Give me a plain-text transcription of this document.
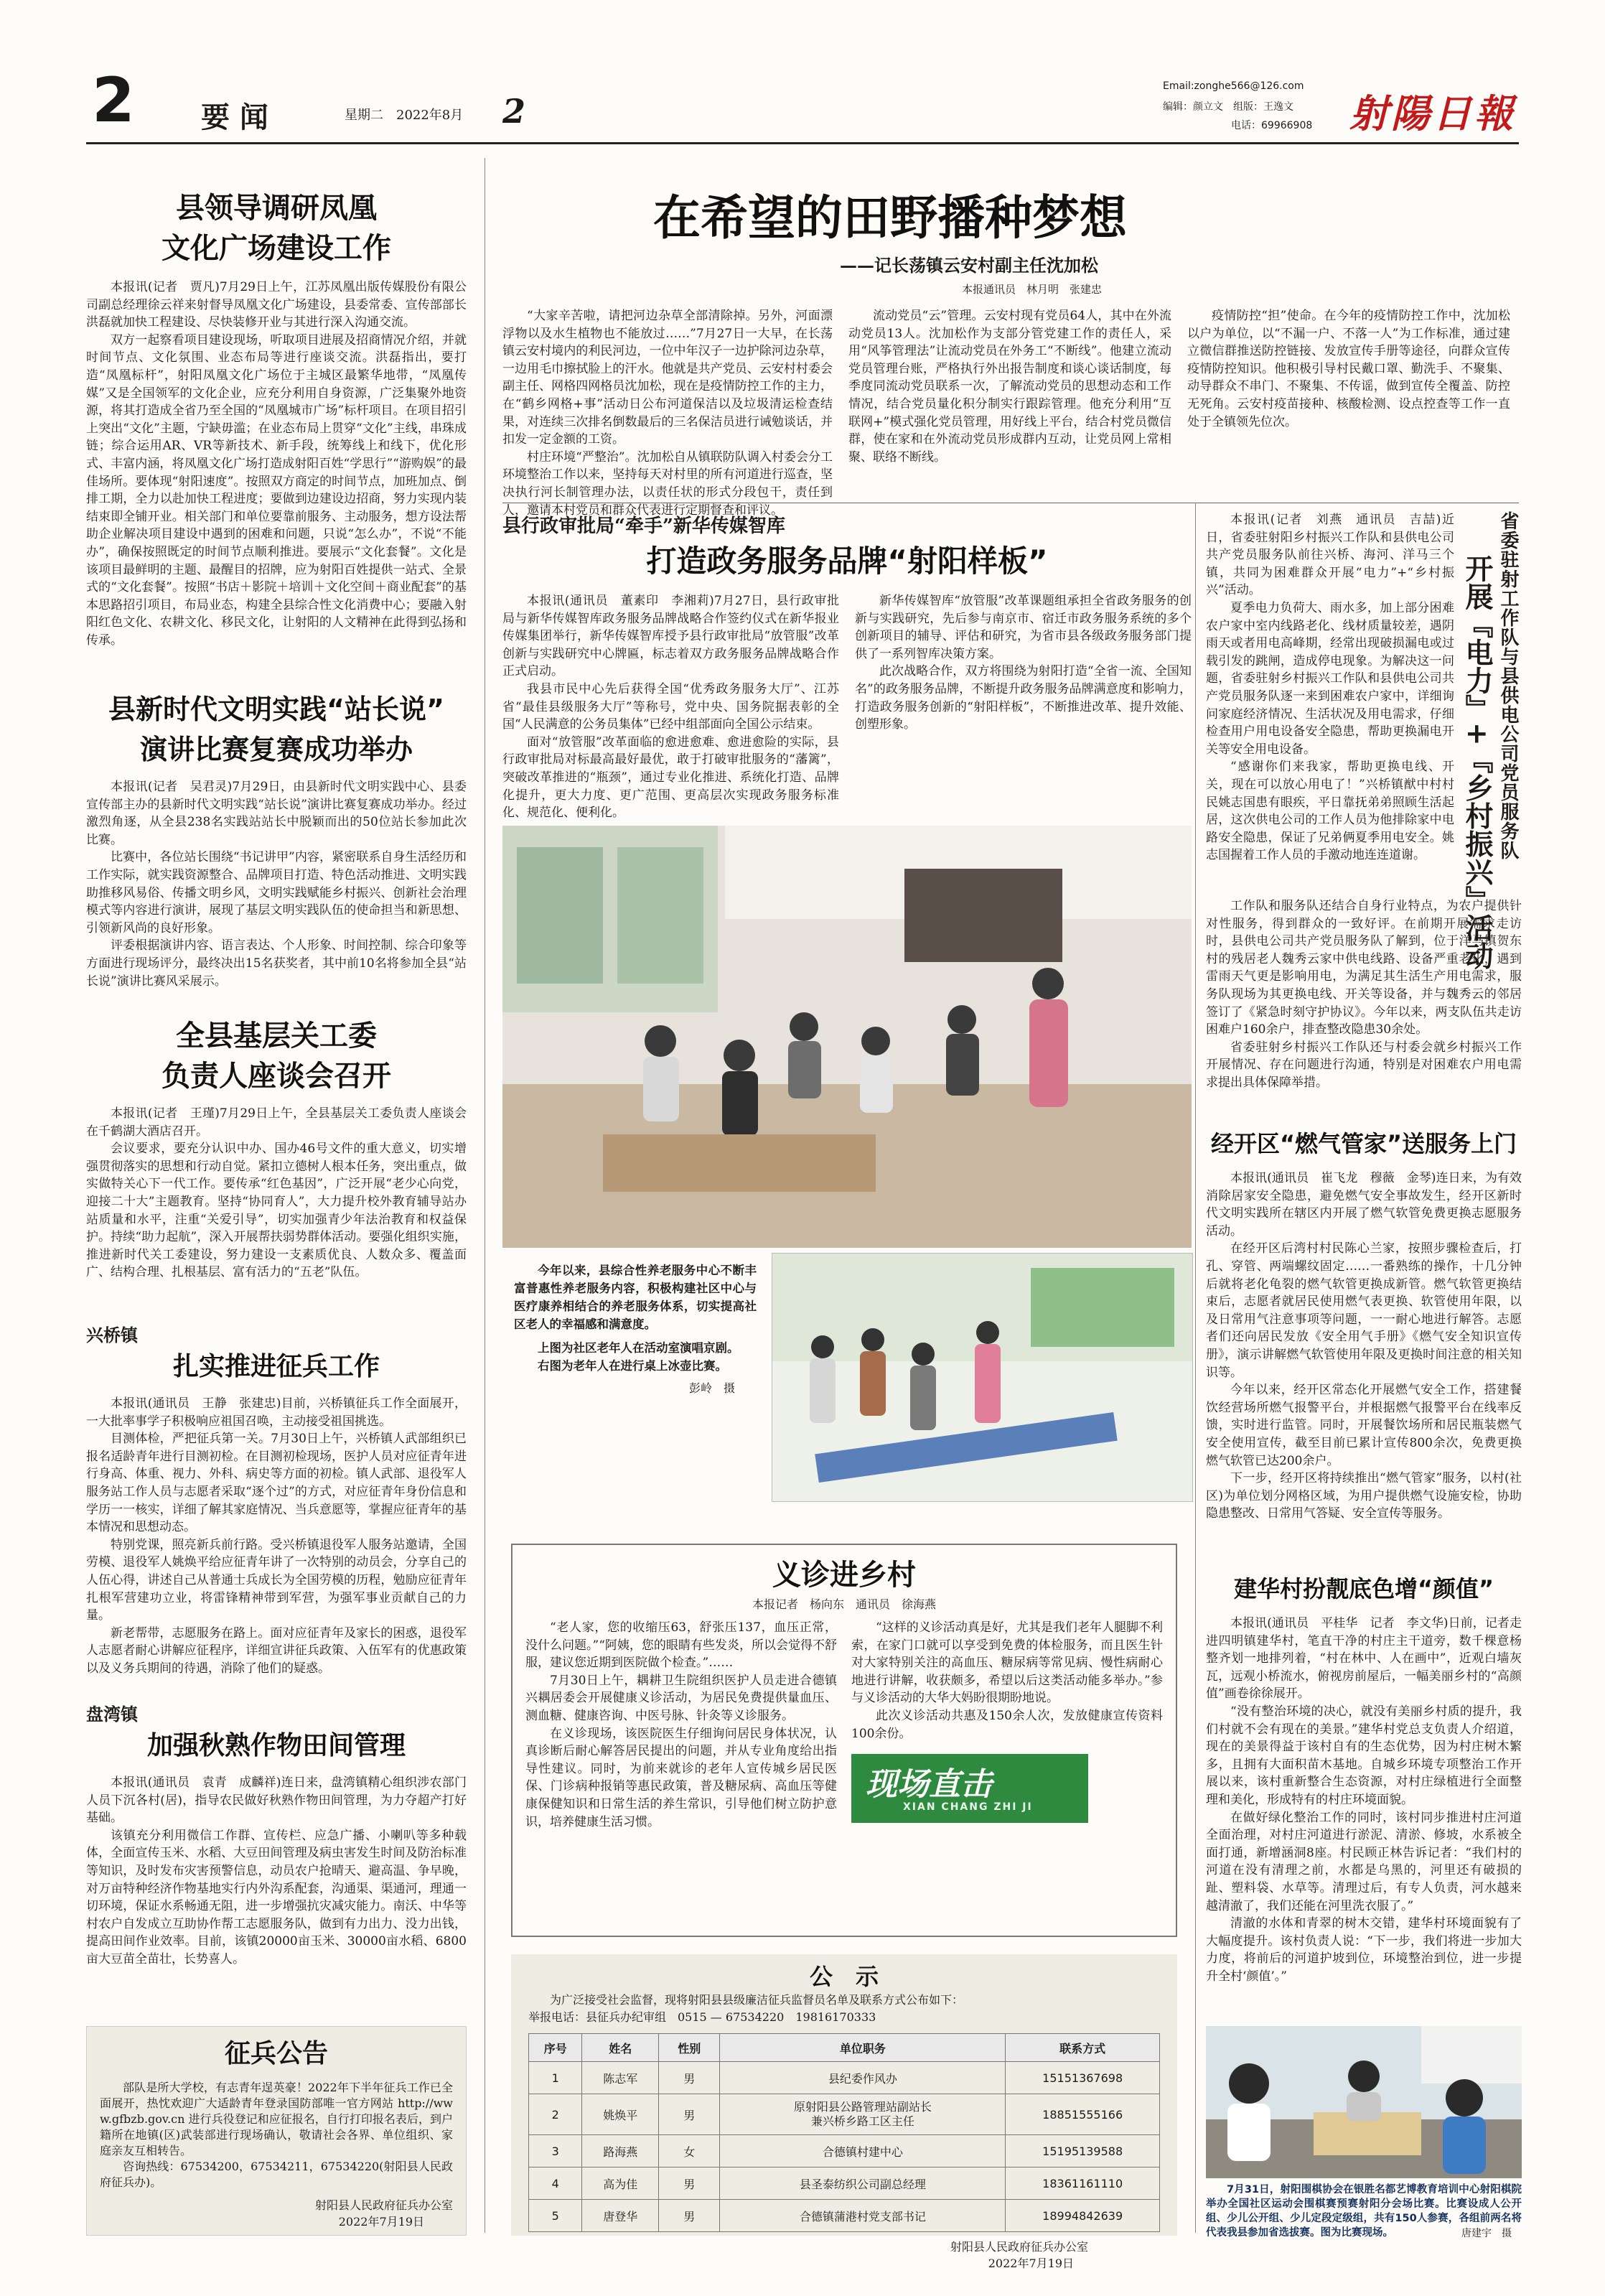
2 要 闻	星期二　2022年8月 2
Email:zonghe566@126.com
编辑：颜立文　组版：王逸文
电话：69966908 射陽日報
县领导调研凤凰
文化广场建设工作

本报讯(记者　贾凡)7月29日上午，江苏凤凰出版传媒股份有限公司副总经理徐云祥来射督导凤凰文化广场建设，县委常委、宣传部部长洪磊就加快工程建设、尽快装修开业与其进行深入沟通交流。

双方一起察看项目建设现场，听取项目进展及招商情况介绍，并就时间节点、文化氛围、业态布局等进行座谈交流。洪磊指出，要打造“凤凰标杆”，射阳凤凰文化广场位于主城区最繁华地带，“凤凰传媒”又是全国领军的文化企业，应充分利用自身资源，广泛集聚外地资源，将其打造成全省乃至全国的“凤凰城市广场”标杆项目。在项目招引上突出“文化”主题，宁缺毋滥；在业态布局上贯穿“文化”主线，串珠成链；综合运用AR、VR等新技术、新手段，统筹线上和线下，优化形式、丰富内涵，将凤凰文化广场打造成射阳百姓“学思行”“游购娱”的最佳场所。要体现“射阳速度”。按照双方商定的时间节点，加班加点、倒排工期，全力以赴加快工程进度；要做到边建设边招商，努力实现内装结束即全铺开业。相关部门和单位要靠前服务、主动服务，想方设法帮助企业解决项目建设中遇到的困难和问题，只说“怎么办”，不说“不能办”，确保按照既定的时间节点顺利推进。要展示“文化套餐”。文化是该项目最鲜明的主题、最醒目的招牌，应为射阳百姓提供一站式、全景式的“文化套餐”。按照“书店＋影院＋培训＋文化空间＋商业配套”的基本思路招引项目，布局业态，构建全县综合性文化消费中心；要融入射阳红色文化、农耕文化、移民文化，让射阳的人文精神在此得到弘扬和传承。

县新时代文明实践“站长说”
演讲比赛复赛成功举办

本报讯(记者　吴君灵)7月29日，由县新时代文明实践中心、县委宣传部主办的县新时代文明实践“站长说”演讲比赛复赛成功举办。经过激烈角逐，从全县238名实践站站长中脱颖而出的50位站长参加此次比赛。

比赛中，各位站长围绕“书记讲甲”内容，紧密联系自身生活经历和工作实际，就实践资源整合、品牌项目打造、特色活动推进、文明实践助推移风易俗、传播文明乡风，文明实践赋能乡村振兴、创新社会治理模式等内容进行演讲，展现了基层文明实践队伍的使命担当和新思想、引领新风尚的良好形象。

评委根据演讲内容、语言表达、个人形象、时间控制、综合印象等方面进行现场评分，最终决出15名获奖者，其中前10名将参加全县“站长说”演讲比赛风采展示。

全县基层关工委
负责人座谈会召开

本报讯(记者　王瑾)7月29日上午，全县基层关工委负责人座谈会在千鹤湖大酒店召开。

会议要求，要充分认识中办、国办46号文件的重大意义，切实增强贯彻落实的思想和行动自觉。紧扣立德树人根本任务，突出重点，做实做特关心下一代工作。要传承“红色基因”，广泛开展“老少心向党，迎接二十大”主题教育。坚持“协同育人”，大力提升校外教育辅导站办站质量和水平，注重“关爱引导”，切实加强青少年法治教育和权益保护。持续“助力起航”，深入开展帮扶弱势群体活动。要强化组织实施，推进新时代关工委建设，努力建设一支素质优良、人数众多、覆盖面广、结构合理、扎根基层、富有活力的“五老”队伍。

兴桥镇
扎实推进征兵工作

本报讯(通讯员　王静　张建忠)目前，兴桥镇征兵工作全面展开，一大批率事学子积极响应祖国召唤，主动接受祖国挑选。

目测体检，严把征兵第一关。7月30日上午，兴桥镇人武部组织已报名适龄青年进行目测初检。在目测初检现场，医护人员对应征青年进行身高、体重、视力、外科、病史等方面的初检。镇人武部、退役军人服务站工作人员与志愿者采取“逐个过”的方式，对应征青年身份信息和学历一一核实，详细了解其家庭情况、当兵意愿等，掌握应征青年的基本情况和思想动态。

特别党课，照亮新兵前行路。受兴桥镇退役军人服务站邀请，全国劳模、退役军人姚焕平给应征青年讲了一次特别的动员会，分享自己的人伍心得，讲述自己从普通士兵成长为全国劳模的历程，勉励应征青年扎根军营建功立业，将雷锋精神带到军营，为强军事业贡献自己的力量。

新老帮带，志愿服务在路上。面对应征青年及家长的困惑，退役军人志愿者耐心讲解应征程序，详细宣讲征兵政策、入伍军有的优惠政策以及义务兵期间的待遇，消除了他们的疑惑。

盘湾镇
加强秋熟作物田间管理

本报讯(通讯员　袁青　成麟祥)连日来，盘湾镇精心组织涉农部门人员下沉各村(居)，指导农民做好秋熟作物田间管理，为力夺超产打好基础。

该镇充分利用微信工作群、宣传栏、应急广播、小喇叭等多种载体，全面宣传玉米、水稻、大豆田间管理及病虫害发生时间及防治标准等知识，及时发布灾害预警信息，动员农户抢晴天、避高温、争早晚，对万亩特种经济作物基地实行内外沟系配套，沟通渠、渠通河，理通一切环境，保证水系畅通无阻，进一步增强抗灾减灾能力。南沃、中华等村农户自发成立互助协作帮工志愿服务队，做到有力出力、没力出钱，提高田间作业效率。目前，该镇20000亩玉米、30000亩水稻、6800亩大豆苗全苗壮，长势喜人。

征兵公告

部队是所大学校，有志青年逞英豪！2022年下半年征兵工作已全面展开，热忱欢迎广大适龄青年登录国防部唯一官方网站 http://www.gfbzb.gov.cn 进行兵役登记和应征报名，自行打印报名表后，到户籍所在地镇(区)武装部进行现场确认，敬请社会各界、单位组织、家庭亲友互相转告。

咨询热线：67534200，67534211，67534220(射阳县人民政府征兵办)。

射阳县人民政府征兵办公室
2022年7月19日
在希望的田野播种梦想
——记长荡镇云安村副主任沈加松
本报通讯员　林月明　张建忠

“大家辛苦啦，请把河边杂草全部清除掉。另外，河面漂浮物以及水生植物也不能放过……”7月27日一大早，在长荡镇云安村境内的利民河边，一位中年汉子一边护除河边杂草，一边用毛巾擦拭脸上的汗水。他就是共产党员、云安村村委会副主任、网格四网格员沈加松，现在是疫情防控工作的主力，在“鹤乡网格+事”活动日公布河道保洁以及垃圾清运检查结果，对连续三次排名倒数最后的三名保洁员进行诫勉谈话，并扣发一定金额的工资。

村庄环境“严整治”。沈加松自从镇联防队调入村委会分工环境整治工作以来，坚持每天对村里的所有河道进行巡查，坚决执行河长制管理办法，以责任状的形式分段包干，责任到人，邀请本村党员和群众代表进行定期督查和评议。

流动党员“云”管理。云安村现有党员64人，其中在外流动党员13人。沈加松作为支部分管党建工作的责任人，采用“风筝管理法”让流动党员在外务工“不断线”。他建立流动党员管理台账，严格执行外出报告制度和谈心谈话制度，每季度同流动党员联系一次，了解流动党员的思想动态和工作情况，结合党员量化积分制实行跟踪管理。他充分利用“互联网+”模式强化党员管理，用好线上平台，结合村党员微信群，使在家和在外流动党员形成群内互动，让党员网上常相聚、联络不断线。

疫情防控“担”使命。在今年的疫情防控工作中，沈加松以户为单位，以“不漏一户、不落一人”为工作标准，通过建立微信群推送防控链接、发放宣传手册等途径，向群众宣传疫情防控知识。他积极引导村民戴口罩、勤洗手、不聚集、动导群众不串门、不聚集、不传谣，做到宣传全覆盖、防控无死角。云安村疫苗接种、核酸检测、设点控查等工作一直处于全镇领先位次。

县行政审批局“牵手”新华传媒智库
打造政务服务品牌“射阳样板”

本报讯(通讯员　董素印　李湘莉)7月27日，县行政审批局与新华传媒智库政务服务品牌战略合作签约仪式在新华报业传媒集团举行，新华传媒智库授予县行政审批局“放管服”改革创新与实践研究中心牌匾，标志着双方政务服务品牌战略合作正式启动。

我县市民中心先后获得全国“优秀政务服务大厅”、江苏省“最佳县级服务大厅”等称号，党中央、国务院据表彰的全国“人民满意的公务员集体”已经中组部面向全国公示结束。

面对“放管服”改革面临的愈进愈难、愈进愈险的实际，县行政审批局对标最高最好最优，敢于打破审批服务的“藩篱”，突破改革推进的“瓶颈”，通过专业化推进、系统化打造、品牌化提升，更大力度、更广范围、更高层次实现政务服务标准化、规范化、便利化。

新华传媒智库“放管服”改革课题组承担全省政务服务的创新与实践研究，先后参与南京市、宿迁市政务服务系统的多个创新项目的辅导、评估和研究，为省市县各级政务服务部门提供了一系列智库决策方案。

此次战略合作，双方将围绕为射阳打造“全省一流、全国知名”的政务服务品牌，不断提升政务服务品牌满意度和影响力，打造政务服务创新的“射阳样板”，不断推进改革、提升效能、创塑形象。

今年以来，县综合性养老服务中心不断丰富普惠性养老服务内容，积极构建社区中心与医疗康养相结合的养老服务体系，切实提高社区老人的幸福感和满意度。

上图为社区老年人在活动室演唱京剧。

右图为老年人在进行桌上冰壶比赛。

彭岭　摄
义诊进乡村
本报记者　杨向东　通讯员　徐海燕

“老人家，您的收缩压63，舒张压137，血压正常，没什么问题。”“阿姨，您的眼睛有些发炎，所以会觉得不舒服，建议您近期到医院做个检查。”……

7月30日上午，耦耕卫生院组织医护人员走进合德镇兴耦居委会开展健康义诊活动，为居民免费提供量血压、测血糖、健康咨询、中医号脉、针灸等义诊服务。

在义诊现场，该医院医生仔细询问居民身体状况，认真诊断后耐心解答居民提出的问题，并从专业角度给出指导性建议。同时，为前来就诊的老年人宣传城乡居民医保、门诊病种报销等惠民政策，普及糖尿病、高血压等健康保健知识和日常生活的养生常识，引导他们树立防护意识，培养健康生活习惯。

“这样的义诊活动真是好，尤其是我们老年人腿脚不利索，在家门口就可以享受到免费的体检服务，而且医生针对大家特别关注的高血压、糖尿病等常见病、慢性病耐心地进行讲解，收获颇多，希望以后这类活动能多举办。”参与义诊活动的大华大妈盼很期盼地说。

此次义诊活动共惠及150余人次，发放健康宣传资料100余份。

现场直击
XIAN CHANG ZHI JI
公　示
为广泛接受社会监督，现将射阳县县级廉洁征兵监督员名单及联系方式公布如下：
举报电话：县征兵办纪审组　0515 — 67534220　19816170333
序号	姓名	性别	单位职务	联系方式
1	陈志军	男	县纪委作风办	15151367698
2	姚焕平	男	原射阳县公路管理站副站长
兼兴桥乡路工区主任	18851555166
3	路海燕	女	合德镇村建中心	15195139588
4	高为佳	男	县圣泰纺织公司副总经理	18361161110
5	唐登华	男	合德镇蒲港村党支部书记	18994842639
射阳县人民政府征兵办公室
2022年7月19日
省委驻射工作队与县供电公司党员服务队
开展『电力』+『乡村振兴』活动

本报讯(记者　刘燕　通讯员　吉喆)近日，省委驻射阳乡村振兴工作队和县供电公司共产党员服务队前往兴桥、海河、洋马三个镇，共同为困难群众开展“电力”+“乡村振兴”活动。

夏季电力负荷大、雨水多，加上部分困难农户家中室内线路老化、线材质量较差，遇阴雨天或者用电高峰期，经常出现破损漏电或过载引发的跳闸，造成停电现象。为解决这一问题，省委驻射乡村振兴工作队和县供电公司共产党员服务队逐一来到困难农户家中，详细询问家庭经济情况、生活状况及用电需求，仔细检查用户用电设备安全隐患，帮助更换漏电开关等安全用电设备。

“感谢你们来我家，帮助更换电线、开关，现在可以放心用电了！”兴桥镇猷中村村民姚志国患有眼疾，平日靠抚弟弟照顾生活起居，这次供电公司的工作人员为他排除家中电路安全隐患，保证了兄弟俩夏季用电安全。姚志国握着工作人员的手激动地连连道谢。

工作队和服务队还结合自身行业特点，为农户提供针对性服务，得到群众的一致好评。在前期开展需求走访时，县供电公司共产党员服务队了解到，位于洋马镇贺东村的残居老人魏秀云家中供电线路、设备严重老化，遇到雷雨天气更是影响用电，为满足其生活生产用电需求，服务队现场为其更换电线、开关等设备，并与魏秀云的邻居签订了《紧急时刻守护协议》。今年以来，两支队伍共走访困难户160余户，排查整改隐患30余处。

省委驻射乡村振兴工作队还与村委会就乡村振兴工作开展情况、存在问题进行沟通，特别是对困难农户用电需求提出具体保障举措。

经开区“燃气管家”送服务上门

本报讯(通讯员　崔飞龙　穆薇　金琴)连日来，为有效消除居家安全隐患，避免燃气安全事故发生，经开区新时代文明实践所在辖区内开展了燃气软管免费更换志愿服务活动。

在经开区后湾村村民陈心兰家，按照步骤检查后，打孔、穿管、两端螺纹固定……一番熟练的操作，十几分钟后就将老化龟裂的燃气软管更换成新管。燃气软管更换结束后，志愿者就居民使用燃气表更换、软管使用年限，以及日常用气注意事项等问题，一一耐心地进行解答。志愿者们还向居民发放《安全用气手册》《燃气安全知识宣传册》，演示讲解燃气软管使用年限及更换时间注意的相关知识等。

今年以来，经开区常态化开展燃气安全工作，搭建餐饮经营场所燃气报警平台，并根据燃气报警平台在线率反馈，实时进行监管。同时，开展餐饮场所和居民瓶装燃气安全使用宣传，截至目前已累计宣传800余次，免费更换燃气软管已达200余户。

下一步，经开区将持续推出“燃气管家”服务，以村(社区)为单位划分网格区域，为用户提供燃气设施安检，协助隐患整改、日常用气答疑、安全宣传等服务。

建华村扮靓底色增“颜值”

本报讯(通讯员　平桂华　记者　李文华)日前，记者走进四明镇建华村，笔直干净的村庄主干道旁，数千棵意杨整齐划一地排列着，“村在林中、人在画中”，近观白墙灰瓦，远观小桥流水，俯视房前屋后，一幅美丽乡村的“高颜值”画卷徐徐展开。

“没有整治环境的决心，就没有美丽乡村质的提升，我们村就不会有现在的美景。”建华村党总支负责人介绍道，现在的美景得益于该村自有的生态优势，因为村庄树木繁多，且拥有大面积苗木基地。自城乡环境专项整治工作开展以来，该村重新整合生态资源，对村庄绿植进行全面整理和美化，形成特有的村庄环境面貌。

在做好绿化整治工作的同时，该村同步推进村庄河道全面治理，对村庄河道进行淤泥、清淤、修坡，水系被全面打通，新增涵洞8座。村民顾正林告诉记者：“我们村的河道在没有清理之前，水都是乌黑的，河里还有破损的趾、塑料袋、水草等。清理过后，有专人负责，河水越来越清澈了，我们还能在河里洗衣服了。”

清澈的水体和青翠的树木交错，建华村环境面貌有了大幅度提升。该村负责人说：“下一步，我们将进一步加大力度，将前后的河道护坡到位，环境整治到位，进一步提升全村‘颜值’。”

7月31日，射阳围棋协会在银胜名都艺博教育培训中心射阳棋院举办全国社区运动会围棋赛预赛射阳分会场比赛。比赛设成人公开组、少儿公开组、少儿定段定级组，共有150人参赛，各组前两名将代表我县参加省选拔赛。图为比赛现场。	唐建宇　摄
